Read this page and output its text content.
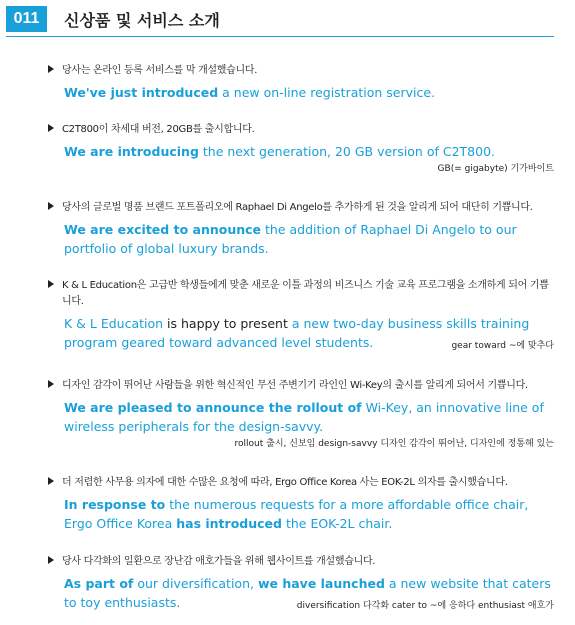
011	신상품 및 서비스 소개
당사는 온라인 등록 서비스를 막 개설했습니다.
We've just introduced a new on-line registration service.
C2T800이 차세대 버전, 20GB를 출시합니다.
We are introducing the next generation, 20 GB version of C2T800.
GB(= gigabyte) 기가바이트
당사의 글로벌 명품 브랜드 포트폴리오에 Raphael Di Angelo를 추가하게 된 것을 알리게 되어 대단히 기쁩니다.
We are excited to announce the addition of Raphael Di Angelo to our portfolio of global luxury brands.
K & L Education은 고급반 학생들에게 맞춘 새로운 이틀 과정의 비즈니스 기술 교육 프로그램을 소개하게 되어 기쁩니다.
K & L Education is happy to present a new two-day business skills training program geared toward advanced level students.	gear toward ~에 맞추다
디자인 감각이 뛰어난 사람들을 위한 혁신적인 무선 주변기기 라인인 Wi-Key의 출시를 알리게 되어서 기쁩니다.
We are pleased to announce the rollout of Wi-Key, an innovative line of wireless peripherals for the design-savvy.
rollout 출시, 신보임 design-savvy 디자인 감각이 뛰어난, 디자인에 정통해 있는
더 저렴한 사무용 의자에 대한 수많은 요청에 따라, Ergo Office Korea 사는 EOK-2L 의자를 출시했습니다.
In response to the numerous requests for a more affordable office chair, Ergo Office Korea has introduced the EOK-2L chair.
당사 다각화의 일환으로 장난감 애호가들을 위해 웹사이트를 개설했습니다.
As part of our diversification, we have launched a new website that caters to toy enthusiasts.	diversification 다각화 cater to ~에 응하다 enthusiast 애호가
